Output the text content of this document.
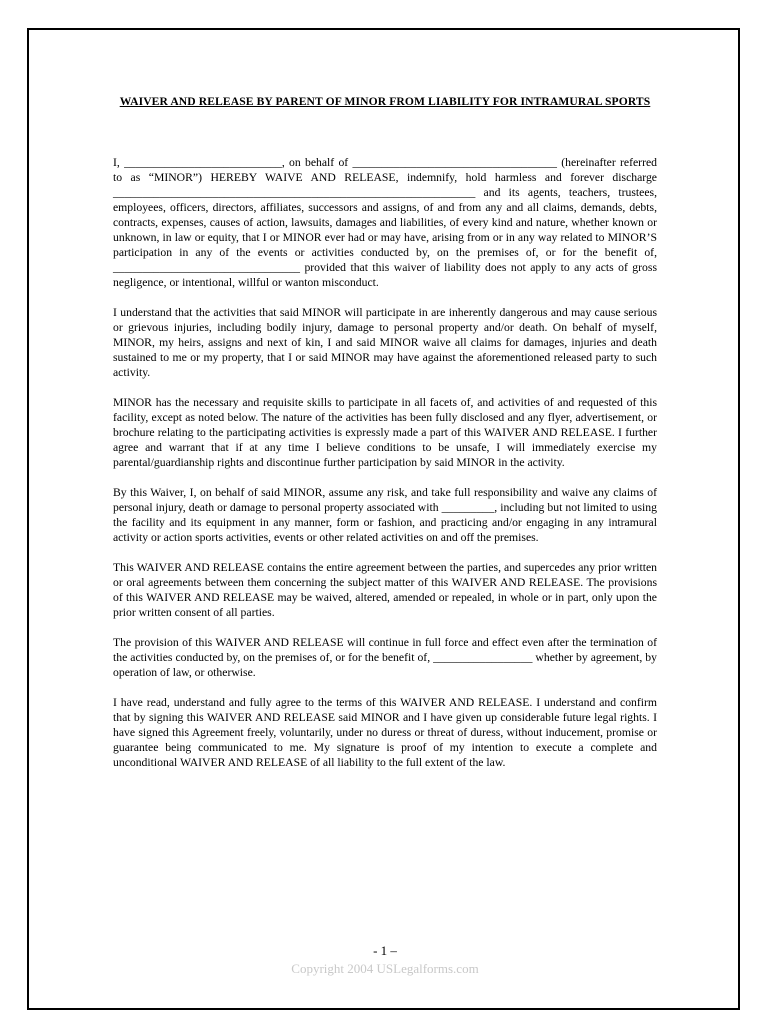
WAIVER AND RELEASE BY PARENT OF MINOR FROM LIABILITY FOR INTRAMURAL SPORTS

I, ___________________________, on behalf of ___________________________________ (hereinafter referred to as “MINOR”) HEREBY WAIVE AND RELEASE, indemnify, hold harmless and forever discharge ______________________________________________________________ and its agents, teachers, trustees, employees, officers, directors, affiliates, successors and assigns, of and from any and all claims, demands, debts, contracts, expenses, causes of action, lawsuits, damages and liabilities, of every kind and nature, whether known or unknown, in law or equity, that I or MINOR ever had or may have, arising from or in any way related to MINOR’S participation in any of the events or activities conducted by, on the premises of, or for the benefit of, ________________________________ provided that this waiver of liability does not apply to any acts of gross negligence, or intentional, willful or wanton misconduct.

I understand that the activities that said MINOR will participate in are inherently dangerous and may cause serious or grievous injuries, including bodily injury, damage to personal property and/or death. On behalf of myself, MINOR, my heirs, assigns and next of kin, I and said MINOR waive all claims for damages, injuries and death sustained to me or my property, that I or said MINOR may have against the aforementioned released party to such activity.

MINOR has the necessary and requisite skills to participate in all facets of, and activities of and requested of this facility, except as noted below. The nature of the activities has been fully disclosed and any flyer, advertisement, or brochure relating to the participating activities is expressly made a part of this WAIVER AND RELEASE. I further agree and warrant that if at any time I believe conditions to be unsafe, I will immediately exercise my parental/guardianship rights and discontinue further participation by said MINOR in the activity.

By this Waiver, I, on behalf of said MINOR, assume any risk, and take full responsibility and waive any claims of personal injury, death or damage to personal property associated with _________, including but not limited to using the facility and its equipment in any manner, form or fashion, and practicing and/or engaging in any intramural activity or action sports activities, events or other related activities on and off the premises.

This WAIVER AND RELEASE contains the entire agreement between the parties, and supercedes any prior written or oral agreements between them concerning the subject matter of this WAIVER AND RELEASE. The provisions of this WAIVER AND RELEASE may be waived, altered, amended or repealed, in whole or in part, only upon the prior written consent of all parties.

The provision of this WAIVER AND RELEASE will continue in full force and effect even after the termination of the activities conducted by, on the premises of, or for the benefit of, _________________ whether by agreement, by operation of law, or otherwise.

I have read, understand and fully agree to the terms of this WAIVER AND RELEASE. I understand and confirm that by signing this WAIVER AND RELEASE said MINOR and I have given up considerable future legal rights. I have signed this Agreement freely, voluntarily, under no duress or threat of duress, without inducement, promise or guarantee being communicated to me. My signature is proof of my intention to execute a complete and unconditional WAIVER AND RELEASE of all liability to the full extent of the law.

- 1 –
Copyright 2004 USLegalforms.com
